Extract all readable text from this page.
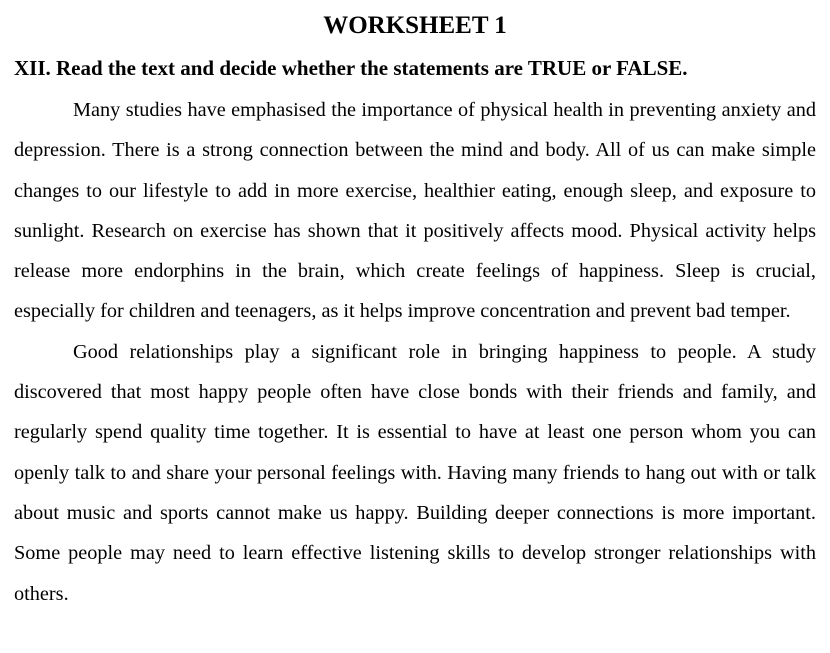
WORKSHEET 1
XII. Read the text and decide whether the statements are TRUE or FALSE.

Many studies have emphasised the importance of physical health in preventing anxiety and depression. There is a strong connection between the mind and body. All of us can make simple changes to our lifestyle to add in more exercise, healthier eating, enough sleep, and exposure to sunlight. Research on exercise has shown that it positively affects mood. Physical activity helps release more endorphins in the brain, which create feelings of happiness. Sleep is crucial, especially for children and teenagers, as it helps improve concentration and prevent bad temper.

Good relationships play a significant role in bringing happiness to people. A study discovered that most happy people often have close bonds with their friends and family, and regularly spend quality time together. It is essential to have at least one person whom you can openly talk to and share your personal feelings with. Having many friends to hang out with or talk about music and sports cannot make us happy. Building deeper connections is more important. Some people may need to learn effective listening skills to develop stronger relationships with others.
